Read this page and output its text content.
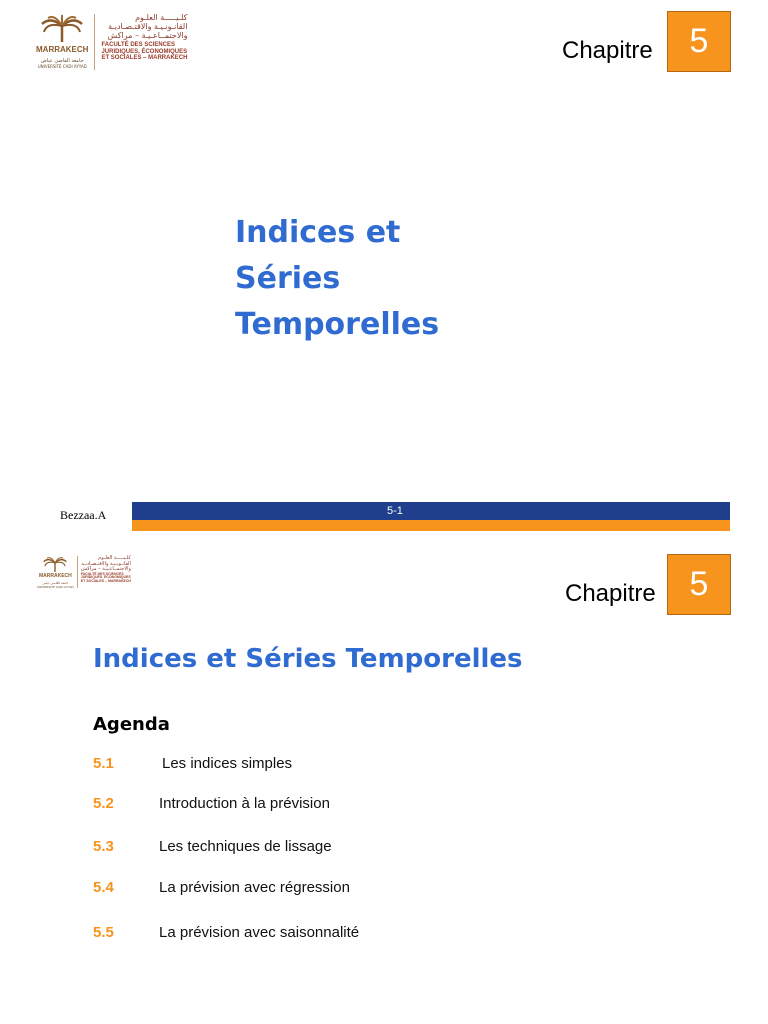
MARRAKECH
جامعة القاضي عياض
UNIVERSITÉ CADI AYYAD
كلـيـــــة العلـوم
القانـونـيـة والاقتـصـاديـة
والاجتمــاعـيـة – مراكش
FACULTÉ DES SCIENCES
JURIDIQUES, ÉCONOMIQUES
ET SOCIALES – MARRAKECH	Chapitre	5
Indices et
Séries
Temporelles
Bezzaa.A	5-1
MARRAKECH
جامعة القاضي عياض
UNIVERSITÉ CADI AYYAD
كلـيـــــة العلـوم
القانـونـيـة والاقتـصـاديـة
والاجتمــاعـيـة – مراكش
FACULTÉ DES SCIENCES
JURIDIQUES, ÉCONOMIQUES
ET SOCIALES – MARRAKECH	Chapitre 5
Indices et Séries Temporelles
Agenda
5.1	Les indices simples
5.2	Introduction à la prévision
5.3	Les techniques de lissage
5.4	La prévision avec régression
5.5	La prévision avec saisonnalité
